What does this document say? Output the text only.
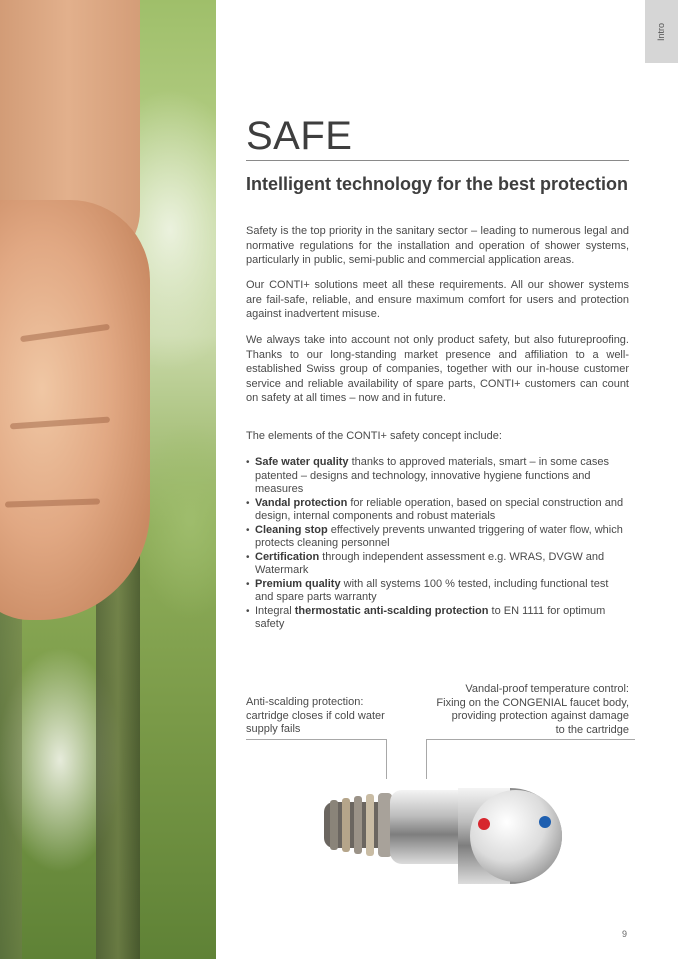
Intro
SAFE
Intelligent technology for the best protection

Safety is the top priority in the sanitary sector – leading to numerous legal and normative regulations for the installation and operation of shower systems, particularly in public, semi-public and commercial application areas.

Our CONTI+ solutions meet all these requirements. All our shower systems are fail-safe, reliable, and ensure maximum comfort for users and protection against inadvertent misuse.

We always take into account not only product safety, but also futureproofing. Thanks to our long-standing market presence and affiliation to a well-established Swiss group of companies, together with our in-house customer service and reliable availability of spare parts, CONTI+ customers can count on safety at all times – now and in future.

The elements of the CONTI+ safety concept include:

• Safe water quality thanks to approved materials, smart – in some cases patented – designs and technology, innovative hygiene functions and measures
• Vandal protection for reliable operation, based on special construction and design, internal components and robust materials
• Cleaning stop effectively prevents unwanted triggering of water flow, which protects cleaning personnel
• Certification through independent assessment e.g. WRAS, DVGW and Watermark
• Premium quality with all systems 100 % tested, including functional test and spare parts warranty
• Integral thermostatic anti-scalding protection to EN 1111 for optimum safety
Anti-scalding protection:
cartridge closes if cold water
supply fails
Vandal-proof temperature control:
Fixing on the CONGENIAL faucet body,
providing protection against damage
to the cartridge
9
